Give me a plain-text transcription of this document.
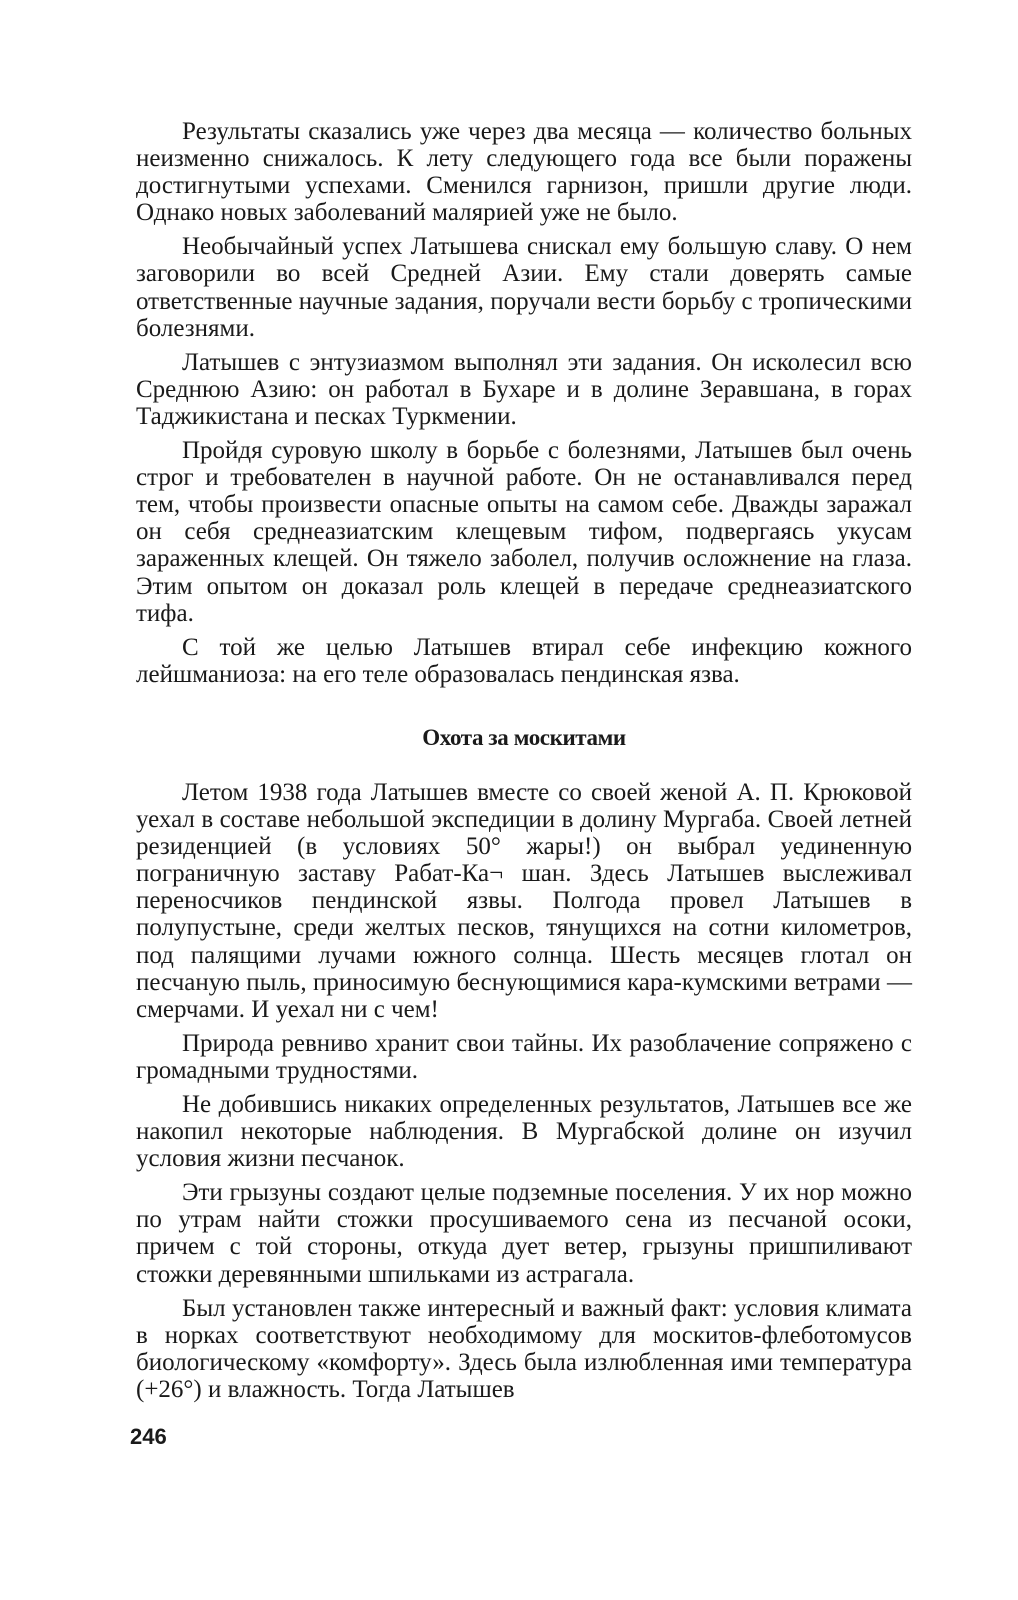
Результаты сказались уже через два месяца — количество больных неизменно снижалось. К лету следующего года все были поражены достигнутыми успехами. Сменился гарнизон, пришли другие люди. Однако новых заболеваний малярией уже не было.

Необычайный успех Латышева снискал ему большую славу. О нем заговорили во всей Средней Азии. Ему стали доверять самые ответственные научные задания, поручали вести борьбу с тропическими болезнями.

Латышев с энтузиазмом выполнял эти задания. Он исколесил всю Среднюю Азию: он работал в Бухаре и в долине Зеравшана, в горах Таджикистана и песках Туркмении.

Пройдя суровую школу в борьбе с болезнями, Латышев был очень строг и требователен в научной работе. Он не останавливался перед тем, чтобы произвести опасные опыты на самом себе. Дважды заражал он себя среднеазиатским клещевым тифом, подвергаясь укусам зараженных клещей. Он тяжело заболел, получив осложнение на глаза. Этим опытом он доказал роль клещей в передаче среднеазиатского тифа.

С той же целью Латышев втирал себе инфекцию кожного лейшманиоза: на его теле образовалась пендинская язва.

Охота за москитами

Летом 1938 года Латышев вместе со своей женой А. П. Крюковой уехал в составе небольшой экспедиции в долину Мургаба. Своей летней резиденцией (в условиях 50° жары!) он выбрал уединенную пограничную заставу Рабат-Ка¬ шан. Здесь Латышев выслеживал переносчиков пендинской язвы. Полгода провел Латышев в полупустыне, среди желтых песков, тянущихся на сотни километров, под палящими лучами южного солнца. Шесть месяцев глотал он песчаную пыль, приносимую беснующимися кара-кумскими ветрами — смерчами. И уехал ни с чем!

Природа ревниво хранит свои тайны. Их разоблачение сопряжено с громадными трудностями.

Не добившись никаких определенных результатов, Латышев все же накопил некоторые наблюдения. В Мургабской долине он изучил условия жизни песчанок.

Эти грызуны создают целые подземные поселения. У их нор можно по утрам найти стожки просушиваемого сена из песчаной осоки, причем с той стороны, откуда дует ветер, грызуны пришпиливают стожки деревянными шпильками из астрагала.

Был установлен также интересный и важный факт: условия климата в норках соответствуют необходимому для москитов-флеботомусов биологическому «комфорту». Здесь была излюбленная ими температура (+26°) и влажность. Тогда Латышев

246
